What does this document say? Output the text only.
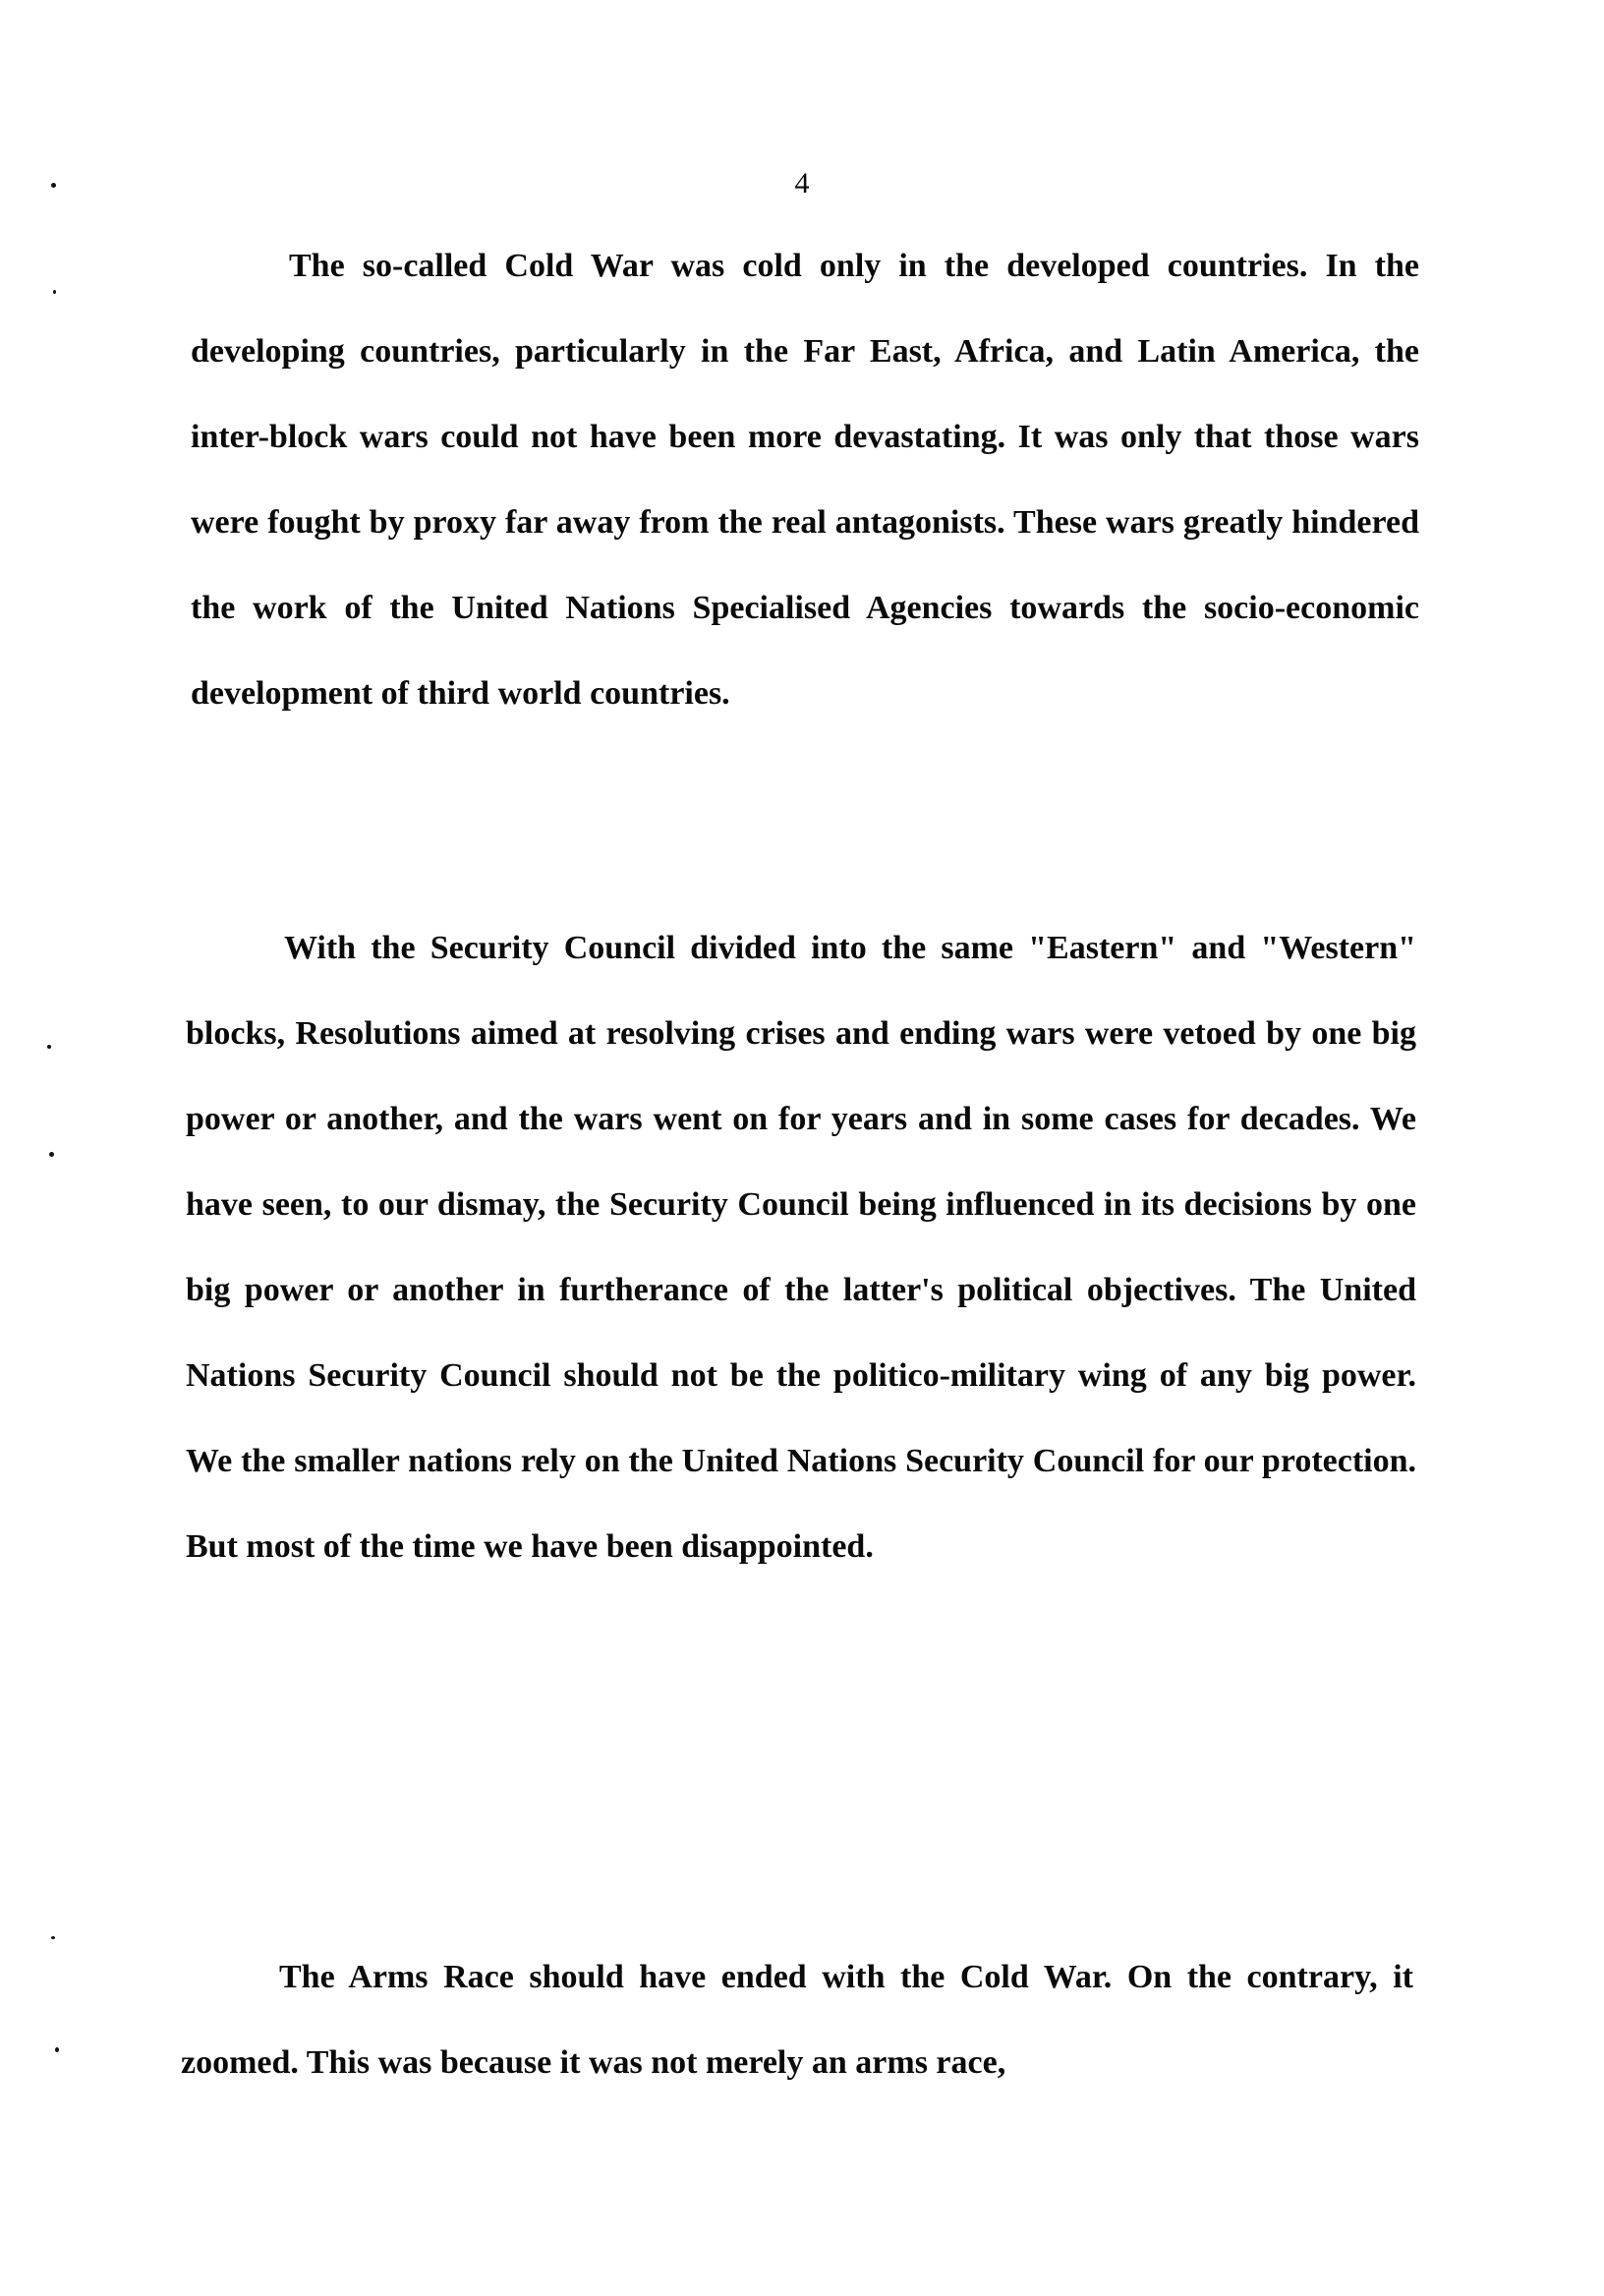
4

The so-called Cold War was cold only in the developed countries. In the developing countries, particularly in the Far East, Africa, and Latin America, the inter-block wars could not have been more devastating. It was only that those wars were fought by proxy far away from the real antagonists. These wars greatly hindered the work of the United Nations Specialised Agencies towards the socio-economic development of third world countries.

With the Security Council divided into the same "Eastern" and "Western" blocks, Resolutions aimed at resolving crises and ending wars were vetoed by one big power or another, and the wars went on for years and in some cases for decades. We have seen, to our dismay, the Security Council being influenced in its decisions by one big power or another in furtherance of the latter's political objectives. The United Nations Security Council should not be the politico-military wing of any big power. We the smaller nations rely on the United Nations Security Council for our protection. But most of the time we have been disappointed.

The Arms Race should have ended with the Cold War. On the contrary, it zoomed. This was because it was not merely an arms race,
